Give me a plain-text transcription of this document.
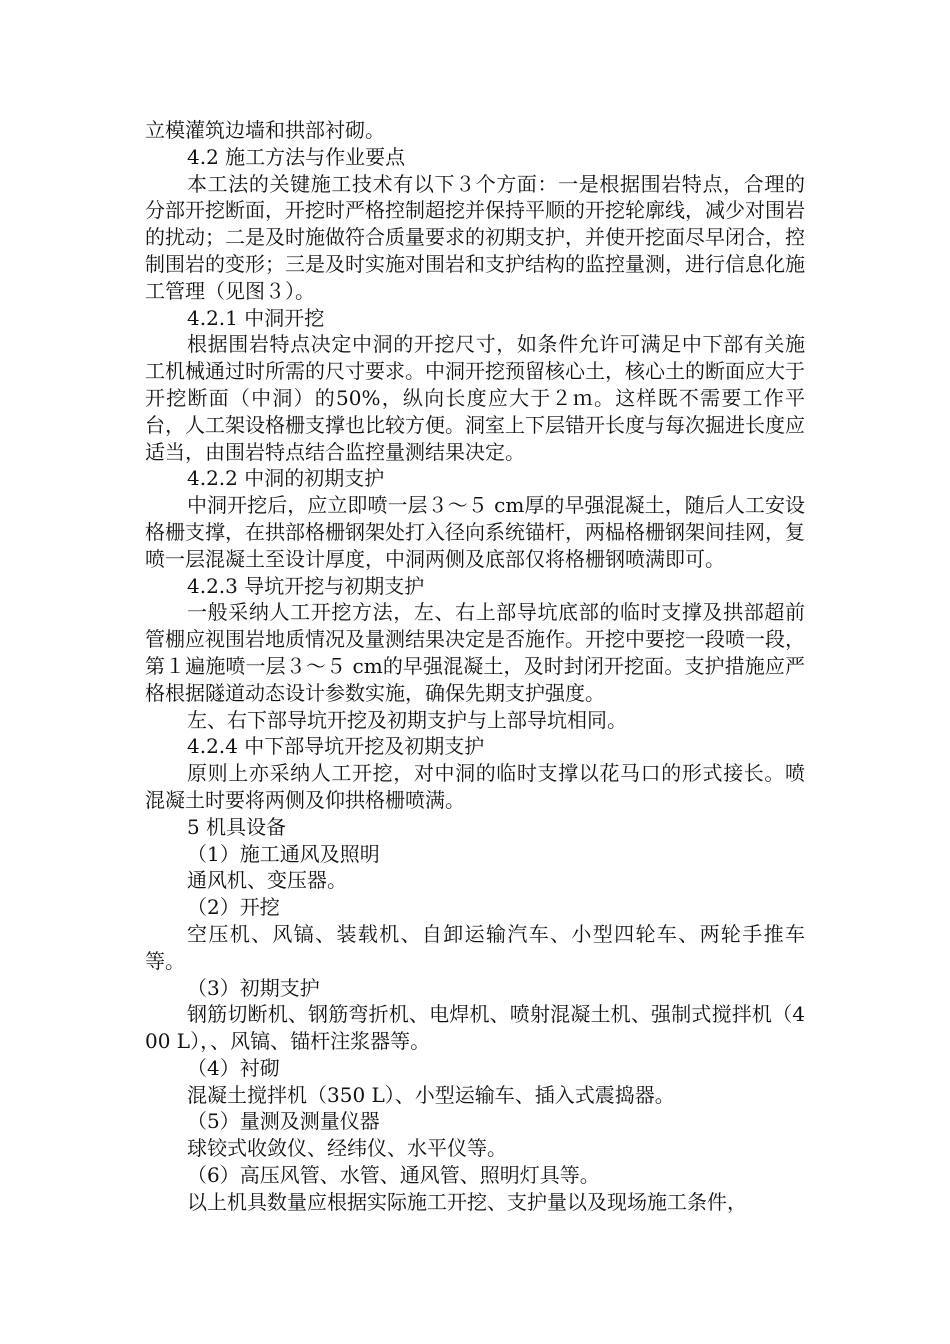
立模灌筑边墙和拱部衬砌。

4.2 施工方法与作业要点

本工法的关键施工技术有以下３个方面：一是根据围岩特点，合理的分部开挖断面，开挖时严格控制超挖并保持平顺的开挖轮廓线，减少对围岩的扰动；二是及时施做符合质量要求的初期支护，并使开挖面尽早闭合，控制围岩的变形；三是及时实施对围岩和支护结构的监控量测，进行信息化施工管理（见图３）。

4.2.1 中洞开挖

根据围岩特点决定中洞的开挖尺寸，如条件允许可满足中下部有关施工机械通过时所需的尺寸要求。中洞开挖预留核心土，核心土的断面应大于开挖断面（中洞）的50%，纵向长度应大于２ｍ。这样既不需要工作平台，人工架设格栅支撑也比较方便。洞室上下层错开长度与每次掘进长度应适当，由围岩特点结合监控量测结果决定。

4.2.2 中洞的初期支护

中洞开挖后，应立即喷一层３～５ cm厚的早强混凝土，随后人工安设格栅支撑，在拱部格栅钢架处打入径向系统锚杆，两榀格栅钢架间挂网，复喷一层混凝土至设计厚度，中洞两侧及底部仅将格栅钢喷满即可。

4.2.3 导坑开挖与初期支护

一般采纳人工开挖方法，左、右上部导坑底部的临时支撑及拱部超前管棚应视围岩地质情况及量测结果决定是否施作。开挖中要挖一段喷一段，第１遍施喷一层３～５ cm的早强混凝土，及时封闭开挖面。支护措施应严格根据隧道动态设计参数实施，确保先期支护强度。

左、右下部导坑开挖及初期支护与上部导坑相同。

4.2.4 中下部导坑开挖及初期支护

原则上亦采纳人工开挖，对中洞的临时支撑以花马口的形式接长。喷混凝土时要将两侧及仰拱格栅喷满。

5 机具设备

（1）施工通风及照明

通风机、变压器。

（2）开挖

空压机、风镐、装载机、自卸运输汽车、小型四轮车、两轮手推车等。

（3）初期支护

钢筋切断机、钢筋弯折机、电焊机、喷射混凝土机、强制式搅拌机（400 L），、风镐、锚杆注浆器等。

（4）衬砌

混凝土搅拌机（350 L）、小型运输车、插入式震捣器。

（5）量测及测量仪器

球铰式收敛仪、经纬仪、水平仪等。

（6）高压风管、水管、通风管、照明灯具等。

以上机具数量应根据实际施工开挖、支护量以及现场施工条件，
